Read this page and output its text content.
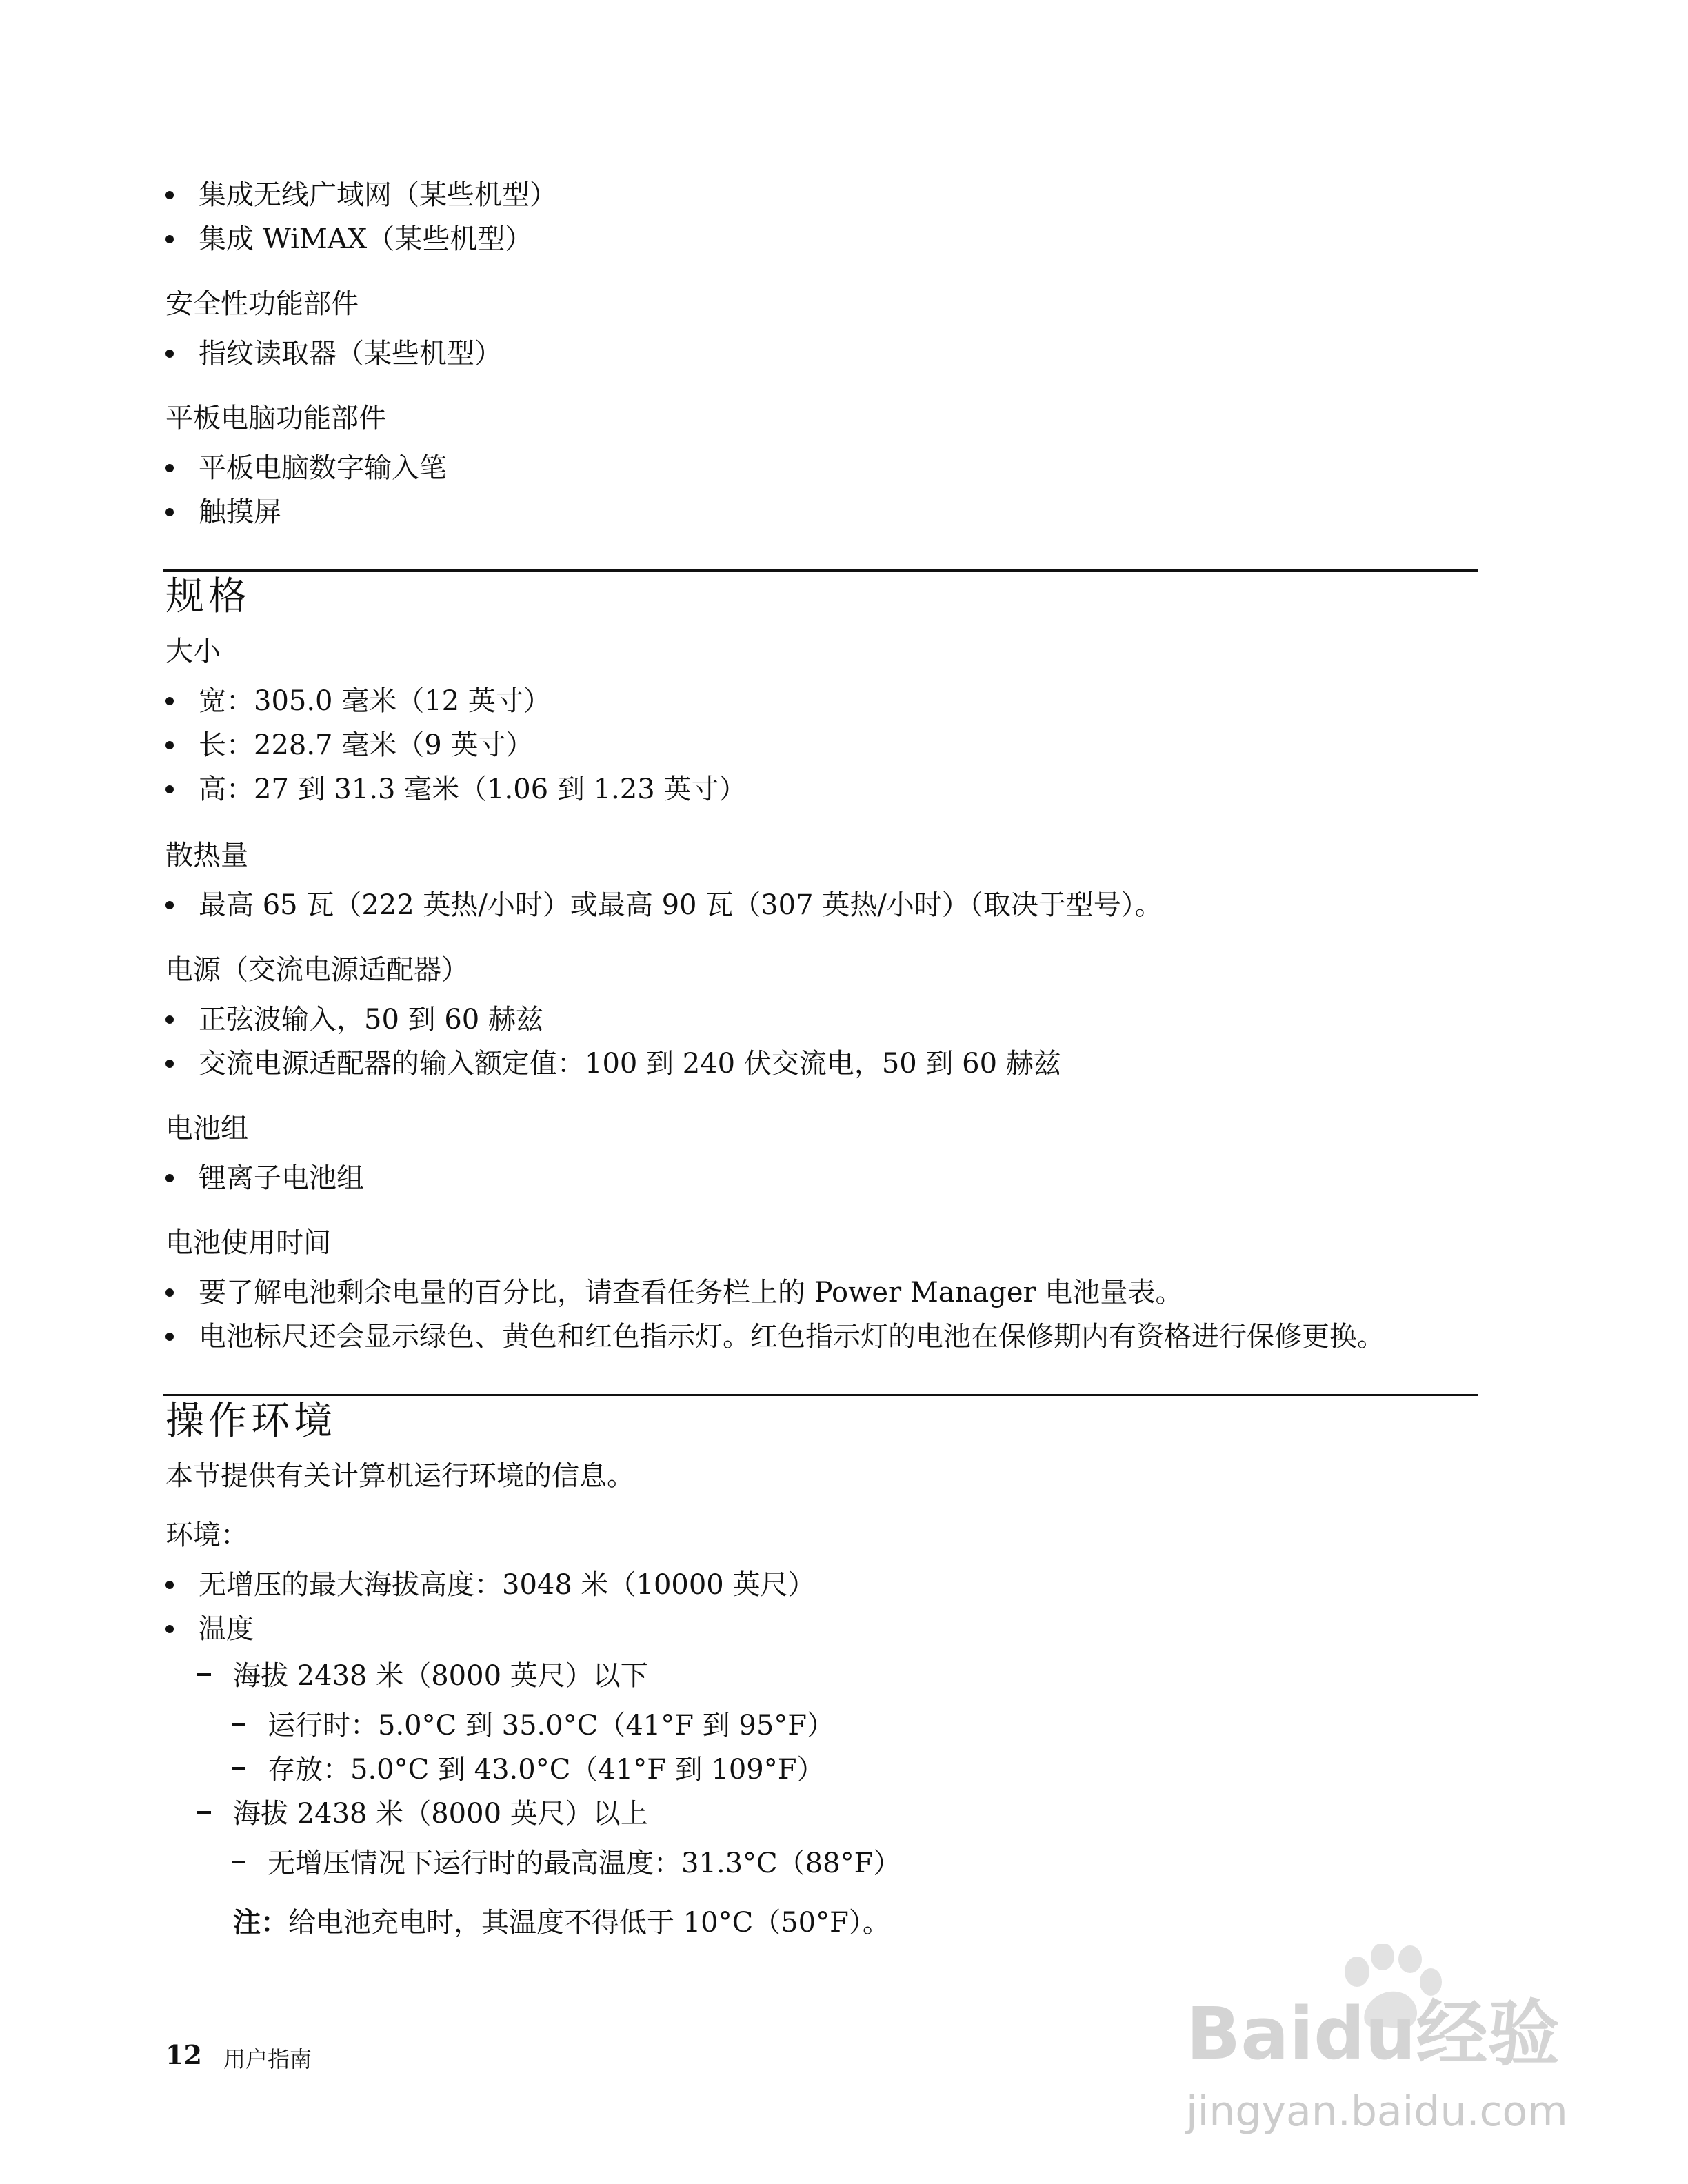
集成无线广域网（某些机型）
集成 WiMAX（某些机型）
安全性功能部件
指纹读取器（某些机型）
平板电脑功能部件
平板电脑数字输入笔
触摸屏
规格
大小
宽：305.0 毫米（12 英寸）
长：228.7 毫米（9 英寸）
高：27 到 31.3 毫米（1.06 到 1.23 英寸）
散热量
最高 65 瓦（222 英热/小时）或最高 90 瓦（307 英热/小时）（取决于型号）。
电源（交流电源适配器）
正弦波输入，50 到 60 赫兹
交流电源适配器的输入额定值：100 到 240 伏交流电，50 到 60 赫兹
电池组
锂离子电池组
电池使用时间
要了解电池剩余电量的百分比，请查看任务栏上的 Power Manager 电池量表。
电池标尺还会显示绿色、黄色和红色指示灯。红色指示灯的电池在保修期内有资格进行保修更换。
操作环境
本节提供有关计算机运行环境的信息。
环境：
无增压的最大海拔高度：3048 米（10000 英尺）
温度
海拔 2438 米（8000 英尺）以下
运行时：5.0°C 到 35.0°C（41°F 到 95°F）
存放：5.0°C 到 43.0°C（41°F 到 109°F）
海拔 2438 米（8000 英尺）以上
无增压情况下运行时的最高温度：31.3°C（88°F）
注：给电池充电时，其温度不得低于 10°C（50°F）。
12 用户指南	Baidu经验
jingyan.baidu.com
